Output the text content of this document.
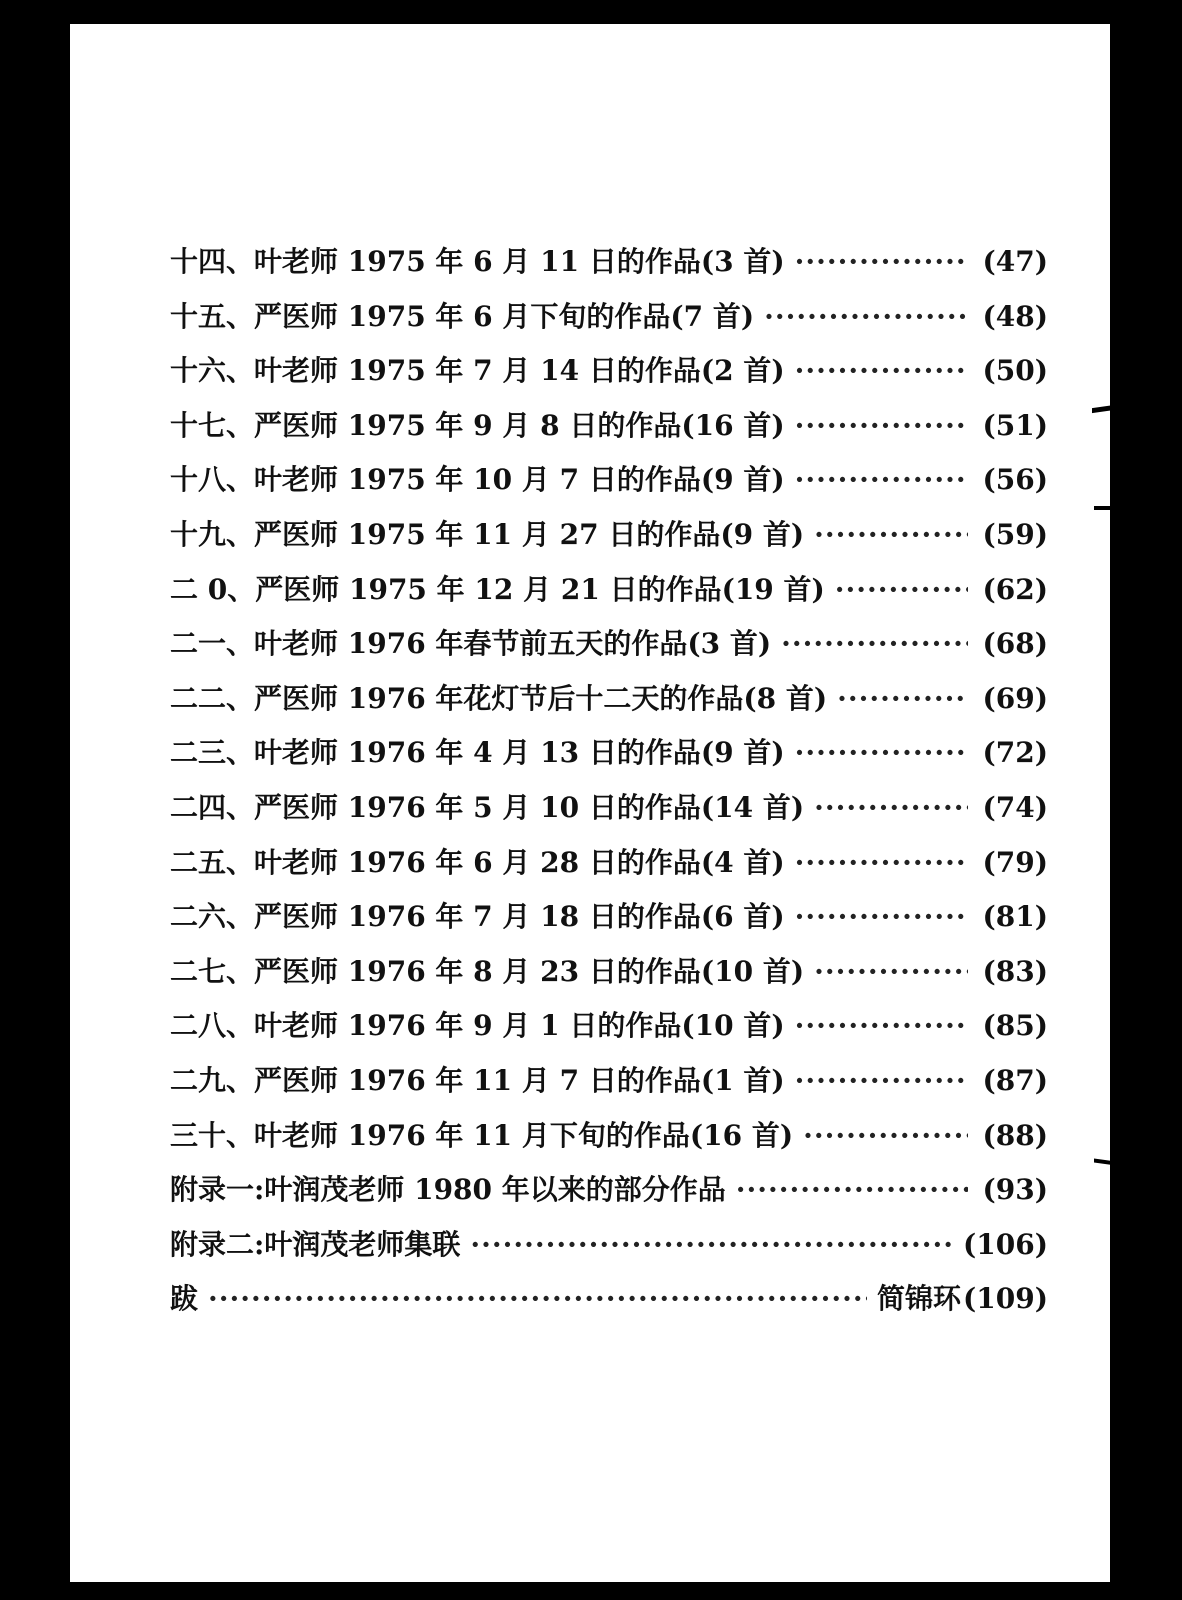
十四、叶老师 1975 年 6 月 11 日的作品(3 首) ·····	(47)
十五、严医师 1975 年 6 月下旬的作品(7 首) ·····	(48)
十六、叶老师 1975 年 7 月 14 日的作品(2 首) ·····	(50)
十七、严医师 1975 年 9 月 8 日的作品(16 首) ·····	(51)
十八、叶老师 1975 年 10 月 7 日的作品(9 首) ·····	(56)
十九、严医师 1975 年 11 月 27 日的作品(9 首) ·····	(59)
二 0、严医师 1975 年 12 月 21 日的作品(19 首) ·····	(62)
二一、叶老师 1976 年春节前五天的作品(3 首) ·····	(68)
二二、严医师 1976 年花灯节后十二天的作品(8 首) ·····	(69)
二三、叶老师 1976 年 4 月 13 日的作品(9 首) ·····	(72)
二四、严医师 1976 年 5 月 10 日的作品(14 首) ·····	(74)
二五、叶老师 1976 年 6 月 28 日的作品(4 首) ·····	(79)
二六、严医师 1976 年 7 月 18 日的作品(6 首) ·····	(81)
二七、严医师 1976 年 8 月 23 日的作品(10 首) ·····	(83)
二八、叶老师 1976 年 9 月 1 日的作品(10 首) ·····	(85)
二九、严医师 1976 年 11 月 7 日的作品(1 首) ·····	(87)
三十、叶老师 1976 年 11 月下旬的作品(16 首) ·····	(88)
附录一:叶润茂老师 1980 年以来的部分作品 ·····	(93)
附录二:叶润茂老师集联 ·····	(106)
跋 ·····	简锦环 (109)
